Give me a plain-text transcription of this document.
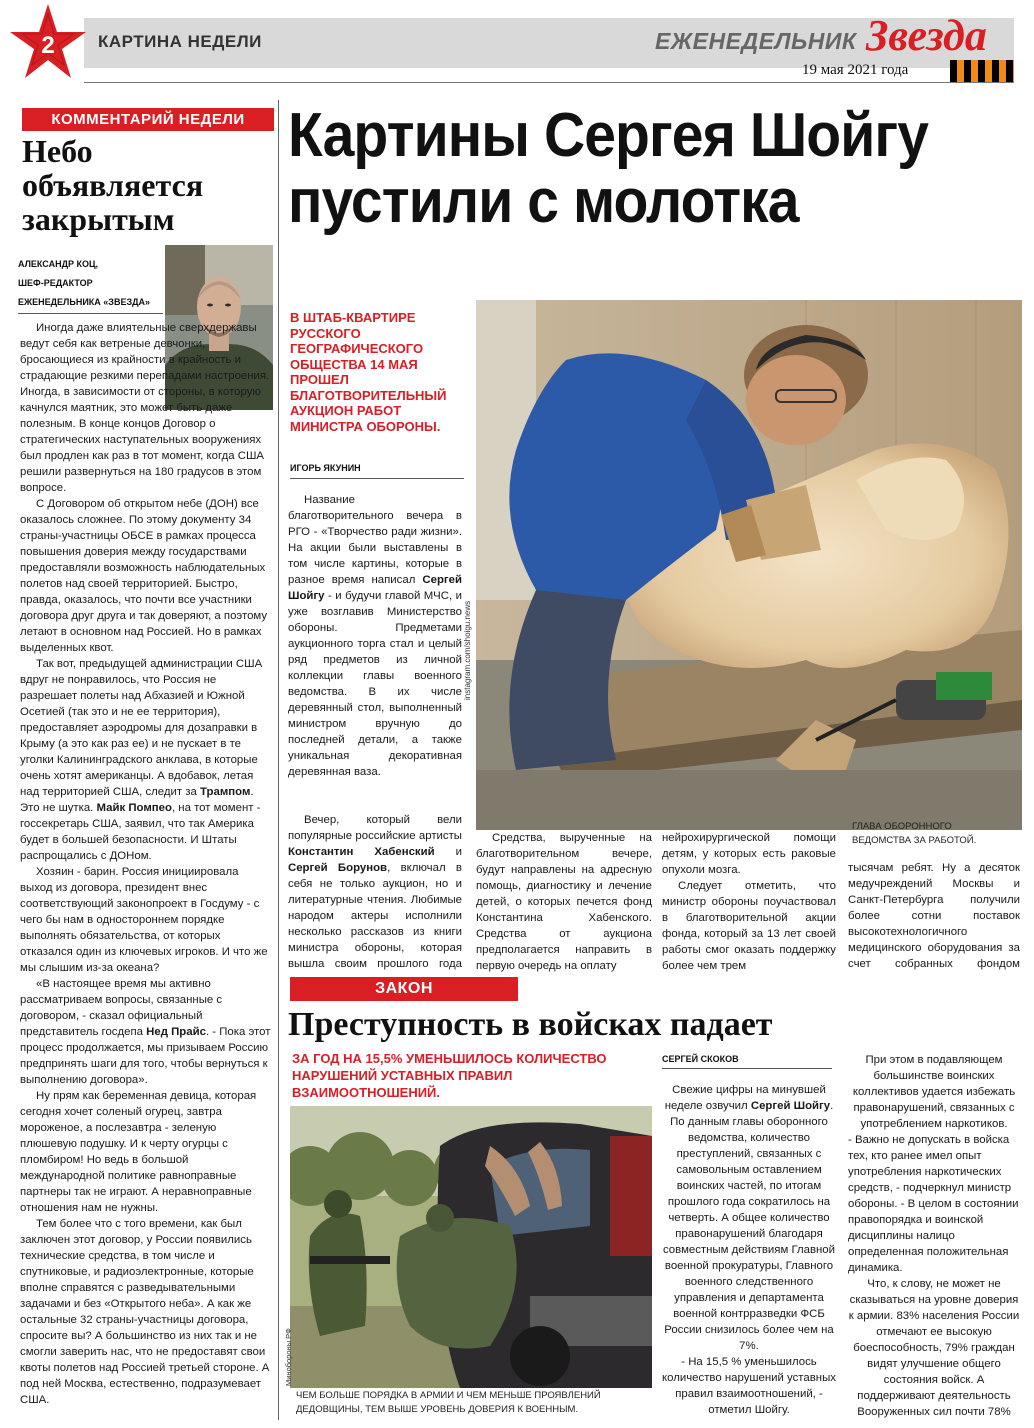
2	КАРТИНА НЕДЕЛИ	ЕЖЕНЕДЕЛЬНИК Звезда
19 мая 2021 года
КОММЕНТАРИЙ НЕДЕЛИ
Небо объявляется закрытым
АЛЕКСАНДР КОЦ,
ШЕФ-РЕДАКТОР
ЕЖЕНЕДЕЛЬНИКА «ЗВЕЗДА»

Иногда даже влиятельные сверхдержавы ведут себя как ветреные девчонки, бросающиеся из крайности в крайность и страдающие резкими перепадами настроения. Иногда, в зависимости от стороны, в которую качнулся маятник, это может быть даже полезным. В конце концов Договор о стратегических наступательных вооружениях был продлен как раз в тот момент, когда США решили развернуться на 180 градусов в этом вопросе.

С Договором об открытом небе (ДОН) все оказалось сложнее. По этому документу 34 страны-участницы ОБСЕ в рамках процесса повышения доверия между государствами предоставляли возможность наблюдательных полетов над своей территорией. Быстро, правда, оказалось, что почти все участники договора друг друга и так доверяют, а поэтому летают в основном над Россией. Но в рамках выделенных квот.

Так вот, предыдущей администрации США вдруг не понравилось, что Россия не разрешает полеты над Абхазией и Южной Осетией (так это и не ее территория), предоставляет аэродромы для дозаправки в Крыму (а это как раз ее) и не пускает в те уголки Калининградского анклава, в которые очень хотят американцы. А вдобавок, летая над территорией США, следит за Трампом. Это не шутка. Майк Помпео, на тот момент - госсекретарь США, заявил, что так Америка будет в большей безопасности. И Штаты распрощались с ДОНом.

Хозяин - барин. Россия инициировала выход из договора, президент внес соответствующий законопроект в Госдуму - с чего бы нам в одностороннем порядке выполнять обязательства, от которых отказался один из ключевых игроков. И что же мы слышим из-за океана?

«В настоящее время мы активно рассматриваем вопросы, связанные с договором, - сказал официальный представитель госдепа Нед Прайс. - Пока этот процесс продолжается, мы призываем Россию предпринять шаги для того, чтобы вернуться к выполнению договора».

Ну прям как беременная девица, которая сегодня хочет соленый огурец, завтра мороженое, а послезавтра - зеленую плюшевую подушку. И к черту огурцы с пломбиром! Но ведь в большой международной политике равноправные партнеры так не играют. А неравноправные отношения нам не нужны.

Тем более что с того времени, как был заключен этот договор, у России появились технические средства, в том числе и спутниковые, и радиоэлектронные, которые вполне справятся с разведывательными задачами и без «Открытого неба». А как же остальные 32 страны-участницы договора, спросите вы? А большинство из них так и не смогли заверить нас, что не предоставят свои квоты полетов над Россией третьей стороне. А под ней Москва, естественно, подразумевает США.

Картины Сергея Шойгу пустили с молотка
В ШТАБ-КВАРТИРЕ РУССКОГО ГЕОГРАФИЧЕСКОГО ОБЩЕСТВА 14 МАЯ ПРОШЕЛ БЛАГОТВОРИТЕЛЬНЫЙ АУКЦИОН РАБОТ МИНИСТРА ОБОРОНЫ.
ИГОРЬ ЯКУНИН

Название благотворительного вечера в РГО - «Творчество ради жизни». На акции были выставлены в том числе картины, которые в разное время написал Сергей Шойгу - и будучи главой МЧС, и уже возглавив Министерство обороны. Предметами аукционного торга стал и целый ряд предметов из личной коллекции главы военного ведомства. В их числе деревянный стол, выполненный министром вручную до последней детали, а также уникальная декоративная деревянная ваза.

Вечер, который вели популярные российские артисты Константин Хабенский и Сергей Борунов, включал в себя не только аукцион, но и литературные чтения. Любимые народом актеры исполнили несколько рассказов из книги министра обороны, которая вышла своим прошлого года

instagram.com/shoigu.news
ГЛАВА ОБОРОННОГО ВЕДОМСТВА ЗА РАБОТОЙ.

Средства, вырученные на благотворительном вечере, будут направлены на адресную помощь, диагностику и лечение детей, о которых печется фонд Константина Хабенского. Средства от аукциона предполагается направить в первую очередь на оплату

нейрохирургической помощи детям, у которых есть раковые опухоли мозга.

Следует отметить, что министр обороны поучаствовал в благотворительной акции фонда, который за 13 лет своей работы смог оказать поддержку более чем трем

тысячам ребят. Ну а десяток медучреждений Москвы и Санкт-Петербурга получили более сотни поставок высокотехнологичного медицинского оборудования за счет собранных фондом

ЗАКОН
Преступность в войсках падает
ЗА ГОД НА 15,5% УМЕНЬШИЛОСЬ КОЛИЧЕСТВО НАРУШЕНИЙ УСТАВНЫХ ПРАВИЛ ВЗАИМООТНОШЕНИЙ.
Минобороны РФ
ЧЕМ БОЛЬШЕ ПОРЯДКА В АРМИИ И ЧЕМ МЕНЬШЕ ПРОЯВЛЕНИЙ ДЕДОВЩИНЫ, ТЕМ ВЫШЕ УРОВЕНЬ ДОВЕРИЯ К ВОЕННЫМ.
СЕРГЕЙ СКОКОВ

Свежие цифры на минувшей неделе озвучил Сергей Шойгу. По данным главы оборонного ведомства, количество преступлений, связанных с самовольным оставлением воинских частей, по итогам прошлого года сократилось на четверть. А общее количество правонарушений благодаря совместным действиям Главной военной прокуратуры, Главного военного следственного управления и департамента военной контрразведки ФСБ России снизилось более чем на 7%.

- На 15,5 % уменьшилось количество нарушений уставных правил взаимоотношений, - отметил Шойгу.

При этом в подавляющем большинстве воинских коллективов удается избежать правонарушений, связанных с употреблением наркотиков.

- Важно не допускать в войска тех, кто ранее имел опыт употребления наркотических средств, - подчеркнул министр обороны. - В целом в состоянии правопорядка и воинской дисциплины налицо определенная положительная динамика.

Что, к слову, не может не сказываться на уровне доверия к армии. 83% населения России отмечают ее высокую боеспособность, 79% граждан видят улучшение общего состояния войск. А поддерживают деятельность Вооруженных сил почти 78%
